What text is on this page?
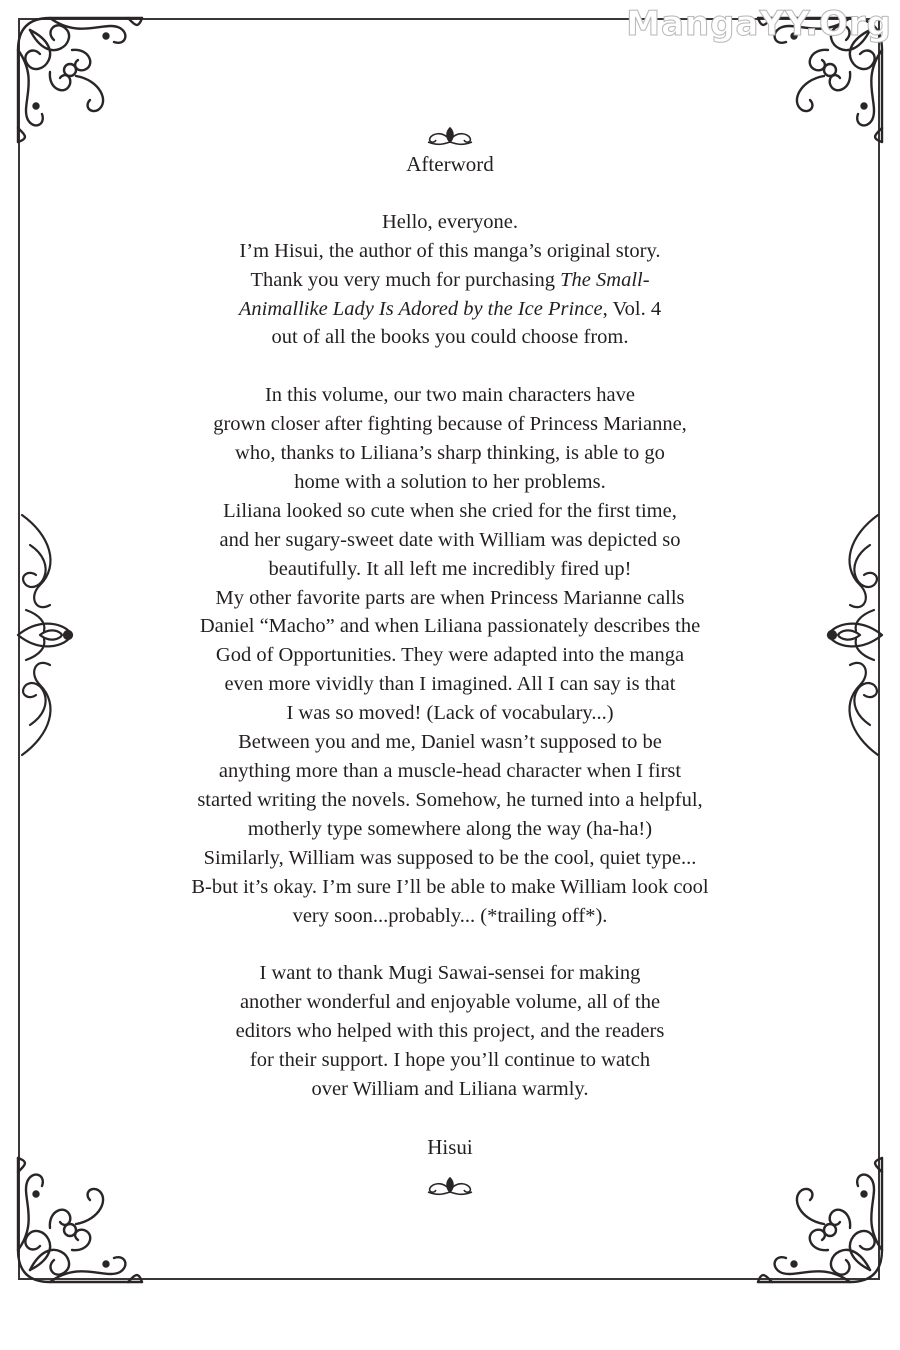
MangaYY.Org
Afterword
Hello, everyone.
I’m Hisui, the author of this manga’s original story.
Thank you very much for purchasing The Small-
Animallike Lady Is Adored by the Ice Prince, Vol. 4
out of all the books you could choose from.
In this volume, our two main characters have
grown closer after fighting because of Princess Marianne,
who, thanks to Liliana’s sharp thinking, is able to go
home with a solution to her problems.
Liliana looked so cute when she cried for the first time,
and her sugary-sweet date with William was depicted so
beautifully. It all left me incredibly fired up!
My other favorite parts are when Princess Marianne calls
Daniel “Macho” and when Liliana passionately describes the
God of Opportunities. They were adapted into the manga
even more vividly than I imagined. All I can say is that
I was so moved! (Lack of vocabulary...)
Between you and me, Daniel wasn’t supposed to be
anything more than a muscle-head character when I first
started writing the novels. Somehow, he turned into a helpful,
motherly type somewhere along the way (ha-ha!)
Similarly, William was supposed to be the cool, quiet type...
B-but it’s okay. I’m sure I’ll be able to make William look cool
very soon...probably... (*trailing off*).
I want to thank Mugi Sawai-sensei for making
another wonderful and enjoyable volume, all of the
editors who helped with this project, and the readers
for their support. I hope you’ll continue to watch
over William and Liliana warmly.
Hisui
